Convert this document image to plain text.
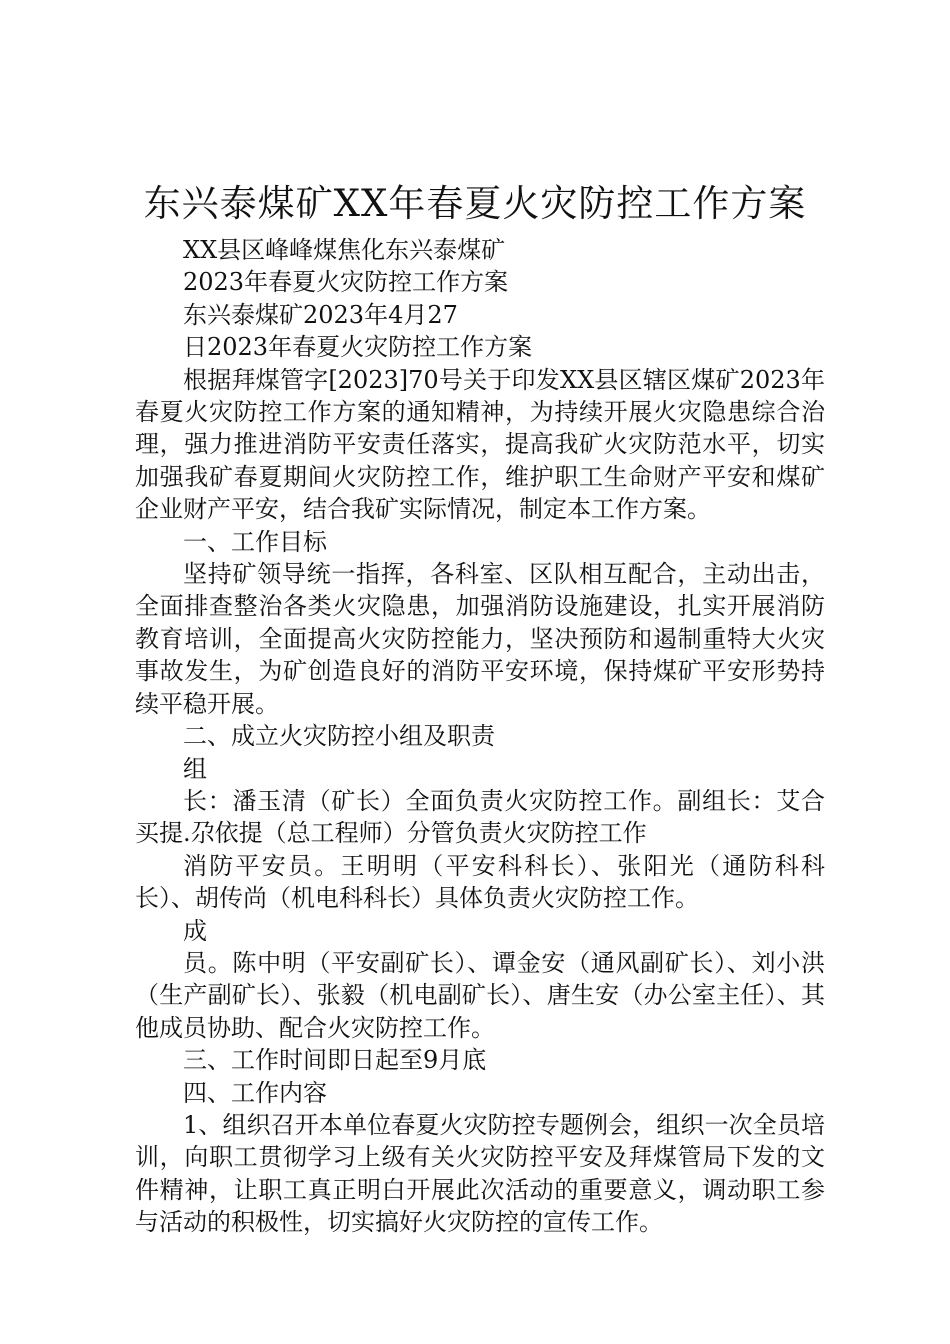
东兴泰煤矿XX年春夏火灾防控工作方案

XX县区峰峰煤焦化东兴泰煤矿

2023年春夏火灾防控工作方案

东兴泰煤矿2023年4月27

日2023年春夏火灾防控工作方案

根据拜煤管字[2023]70号关于印发XX县区辖区煤矿2023年春夏火灾防控工作方案的通知精神，为持续开展火灾隐患综合治理，强力推进消防平安责任落实，提高我矿火灾防范水平，切实加强我矿春夏期间火灾防控工作，维护职工生命财产平安和煤矿企业财产平安，结合我矿实际情况，制定本工作方案。

一、工作目标

坚持矿领导统一指挥，各科室、区队相互配合，主动出击，全面排查整治各类火灾隐患，加强消防设施建设，扎实开展消防教育培训，全面提高火灾防控能力，坚决预防和遏制重特大火灾事故发生，为矿创造良好的消防平安环境，保持煤矿平安形势持续平稳开展。

二、成立火灾防控小组及职责

组

长：潘玉清（矿长）全面负责火灾防控工作。副组长：艾合买提.尕依提（总工程师）分管负责火灾防控工作

消防平安员。王明明（平安科科长）、张阳光（通防科科长）、胡传尚（机电科科长）具体负责火灾防控工作。

成

员。陈中明（平安副矿长）、谭金安（通风副矿长）、刘小洪（生产副矿长）、张毅（机电副矿长）、唐生安（办公室主任）、其他成员协助、配合火灾防控工作。

三、工作时间即日起至9月底

四、工作内容

1、组织召开本单位春夏火灾防控专题例会，组织一次全员培训，向职工贯彻学习上级有关火灾防控平安及拜煤管局下发的文件精神，让职工真正明白开展此次活动的重要意义，调动职工参与活动的积极性，切实搞好火灾防控的宣传工作。
